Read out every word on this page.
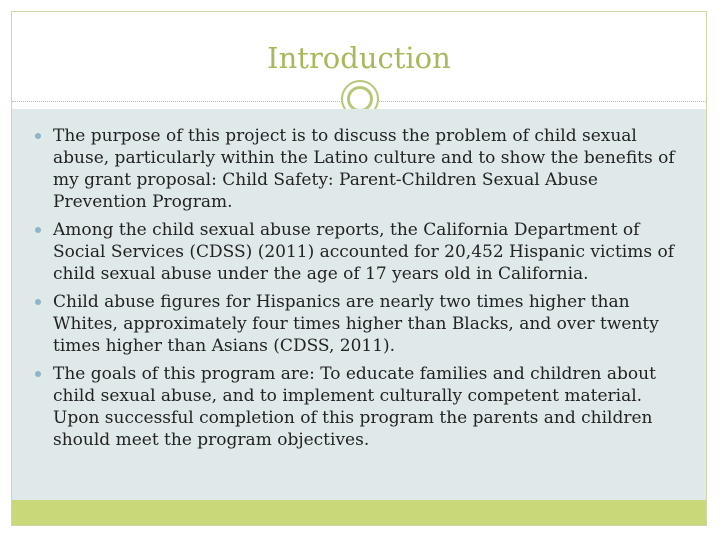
Introduction
The purpose of this project is to discuss the problem of child sexual abuse, particularly within the Latino culture and to show the benefits of my grant proposal: Child Safety: Parent-Children Sexual Abuse Prevention Program.
Among the child sexual abuse reports, the California Department of Social Services (CDSS) (2011) accounted for 20,452 Hispanic victims of child sexual abuse under the age of 17 years old in California.
Child abuse figures for Hispanics are nearly two times higher than Whites, approximately four times higher than Blacks, and over twenty times higher than Asians (CDSS, 2011).
The goals of this program are: To educate families and children about child sexual abuse, and to implement culturally competent material. Upon successful completion of this program the parents and children should meet the program objectives.
